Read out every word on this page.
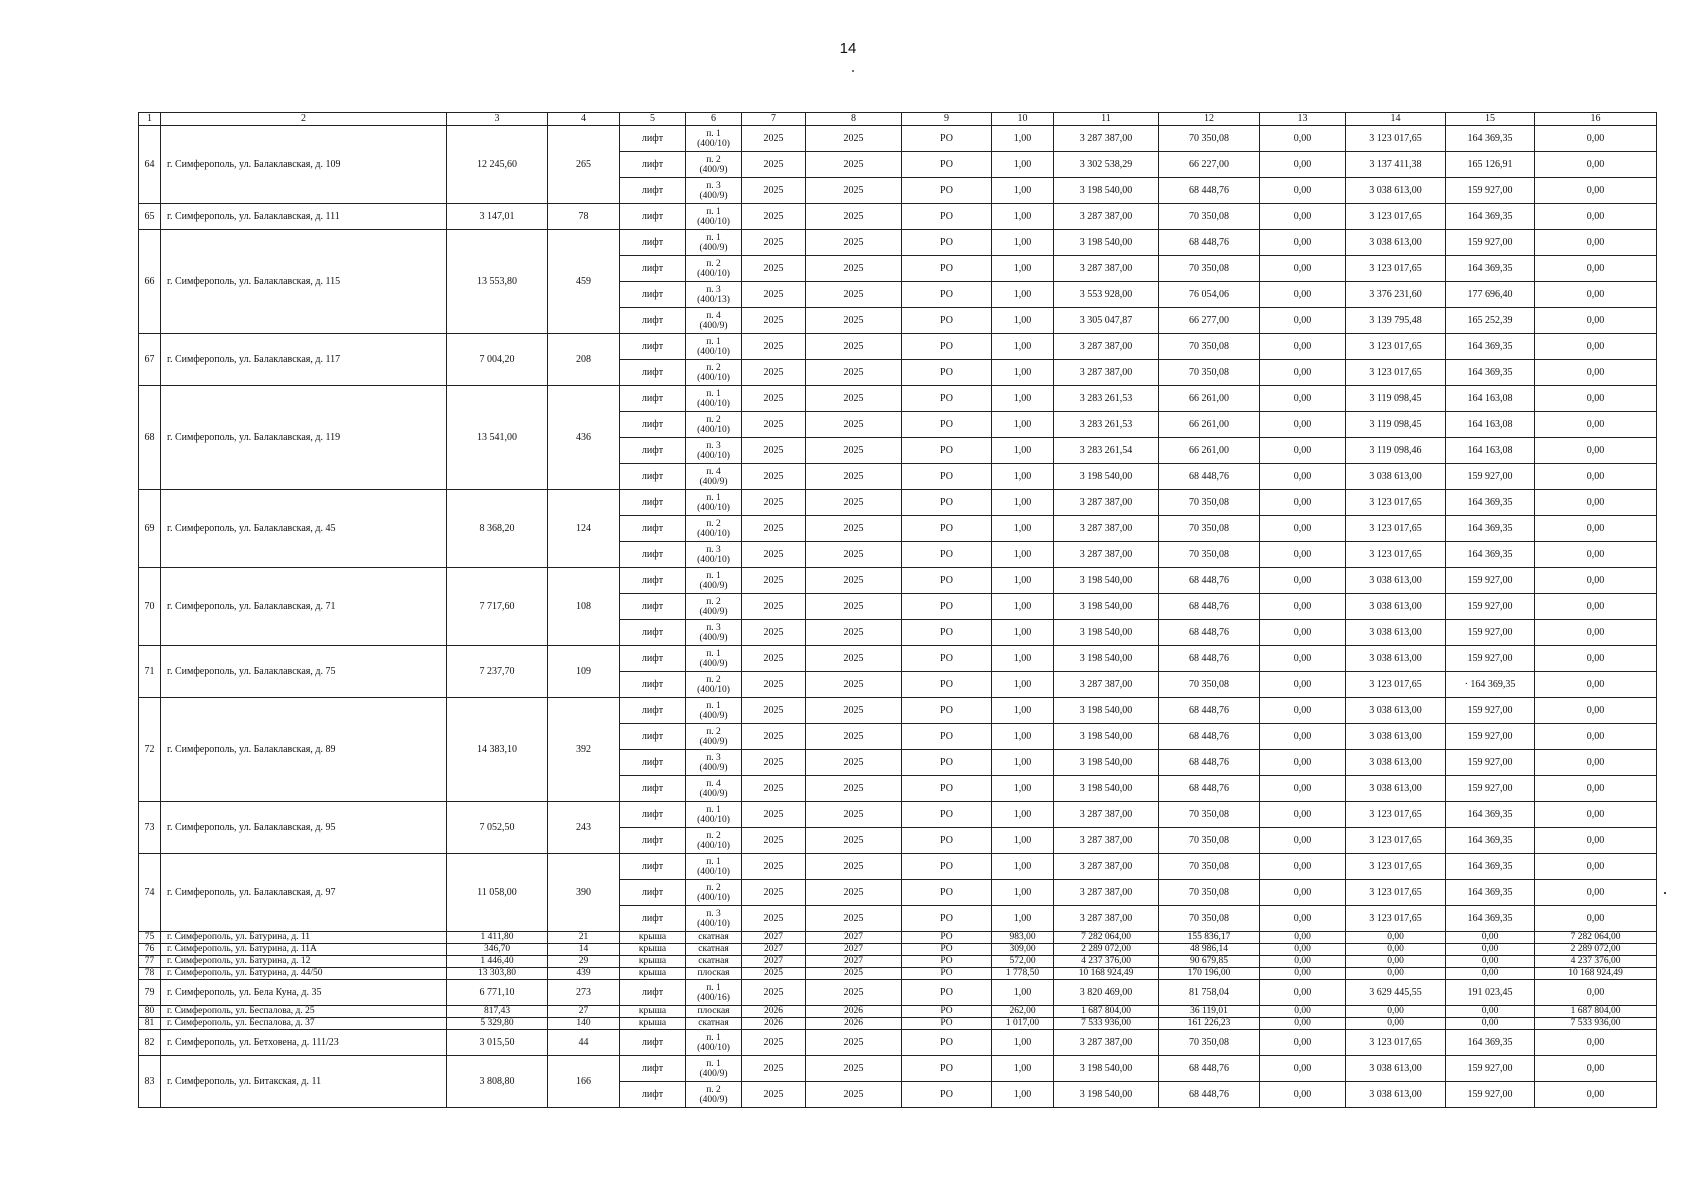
14
1	2	3	4	5	6	7	8	9	10	11	12	13	14	15	16
64	г. Симферополь, ул. Балаклавская, д. 109	12 245,60	265	лифт	п. 1 (400/10)	2025	2025	РО	1,00	3 287 387,00	70 350,08	0,00	3 123 017,65	164 369,35	0,00
				лифт	п. 2 (400/9)	2025	2025	РО	1,00	3 302 538,29	66 227,00	0,00	3 137 411,38	165 126,91	0,00
				лифт	п. 3 (400/9)	2025	2025	РО	1,00	3 198 540,00	68 448,76	0,00	3 038 613,00	159 927,00	0,00
65	г. Симферополь, ул. Балаклавская, д. 111	3 147,01	78	лифт	п. 1 (400/10)	2025	2025	РО	1,00	3 287 387,00	70 350,08	0,00	3 123 017,65	164 369,35	0,00
66	г. Симферополь, ул. Балаклавская, д. 115	13 553,80	459	лифт	п. 1 (400/9)	2025	2025	РО	1,00	3 198 540,00	68 448,76	0,00	3 038 613,00	159 927,00	0,00
				лифт	п. 2 (400/10)	2025	2025	РО	1,00	3 287 387,00	70 350,08	0,00	3 123 017,65	164 369,35	0,00
				лифт	п. 3 (400/13)	2025	2025	РО	1,00	3 553 928,00	76 054,06	0,00	3 376 231,60	177 696,40	0,00
				лифт	п. 4 (400/9)	2025	2025	РО	1,00	3 305 047,87	66 277,00	0,00	3 139 795,48	165 252,39	0,00
67	г. Симферополь, ул. Балаклавская, д. 117	7 004,20	208	лифт	п. 1 (400/10)	2025	2025	РО	1,00	3 287 387,00	70 350,08	0,00	3 123 017,65	164 369,35	0,00
				лифт	п. 2 (400/10)	2025	2025	РО	1,00	3 287 387,00	70 350,08	0,00	3 123 017,65	164 369,35	0,00
68	г. Симферополь, ул. Балаклавская, д. 119	13 541,00	436	лифт	п. 1 (400/10)	2025	2025	РО	1,00	3 283 261,53	66 261,00	0,00	3 119 098,45	164 163,08	0,00
				лифт	п. 2 (400/10)	2025	2025	РО	1,00	3 283 261,53	66 261,00	0,00	3 119 098,45	164 163,08	0,00
				лифт	п. 3 (400/10)	2025	2025	РО	1,00	3 283 261,54	66 261,00	0,00	3 119 098,46	164 163,08	0,00
				лифт	п. 4 (400/9)	2025	2025	РО	1,00	3 198 540,00	68 448,76	0,00	3 038 613,00	159 927,00	0,00
69	г. Симферополь, ул. Балаклавская, д. 45	8 368,20	124	лифт	п. 1 (400/10)	2025	2025	РО	1,00	3 287 387,00	70 350,08	0,00	3 123 017,65	164 369,35	0,00
				лифт	п. 2 (400/10)	2025	2025	РО	1,00	3 287 387,00	70 350,08	0,00	3 123 017,65	164 369,35	0,00
				лифт	п. 3 (400/10)	2025	2025	РО	1,00	3 287 387,00	70 350,08	0,00	3 123 017,65	164 369,35	0,00
70	г. Симферополь, ул. Балаклавская, д. 71	7 717,60	108	лифт	п. 1 (400/9)	2025	2025	РО	1,00	3 198 540,00	68 448,76	0,00	3 038 613,00	159 927,00	0,00
				лифт	п. 2 (400/9)	2025	2025	РО	1,00	3 198 540,00	68 448,76	0,00	3 038 613,00	159 927,00	0,00
				лифт	п. 3 (400/9)	2025	2025	РО	1,00	3 198 540,00	68 448,76	0,00	3 038 613,00	159 927,00	0,00
71	г. Симферополь, ул. Балаклавская, д. 75	7 237,70	109	лифт	п. 1 (400/9)	2025	2025	РО	1,00	3 198 540,00	68 448,76	0,00	3 038 613,00	159 927,00	0,00
				лифт	п. 2 (400/10)	2025	2025	РО	1,00	3 287 387,00	70 350,08	0,00	3 123 017,65	· 164 369,35	0,00
72	г. Симферополь, ул. Балаклавская, д. 89	14 383,10	392	лифт	п. 1 (400/9)	2025	2025	РО	1,00	3 198 540,00	68 448,76	0,00	3 038 613,00	159 927,00	0,00
				лифт	п. 2 (400/9)	2025	2025	РО	1,00	3 198 540,00	68 448,76	0,00	3 038 613,00	159 927,00	0,00
				лифт	п. 3 (400/9)	2025	2025	РО	1,00	3 198 540,00	68 448,76	0,00	3 038 613,00	159 927,00	0,00
				лифт	п. 4 (400/9)	2025	2025	РО	1,00	3 198 540,00	68 448,76	0,00	3 038 613,00	159 927,00	0,00
73	г. Симферополь, ул. Балаклавская, д. 95	7 052,50	243	лифт	п. 1 (400/10)	2025	2025	РО	1,00	3 287 387,00	70 350,08	0,00	3 123 017,65	164 369,35	0,00
				лифт	п. 2 (400/10)	2025	2025	РО	1,00	3 287 387,00	70 350,08	0,00	3 123 017,65	164 369,35	0,00
74	г. Симферополь, ул. Балаклавская, д. 97	11 058,00	390	лифт	п. 1 (400/10)	2025	2025	РО	1,00	3 287 387,00	70 350,08	0,00	3 123 017,65	164 369,35	0,00
				лифт	п. 2 (400/10)	2025	2025	РО	1,00	3 287 387,00	70 350,08	0,00	3 123 017,65	164 369,35	0,00
				лифт	п. 3 (400/10)	2025	2025	РО	1,00	3 287 387,00	70 350,08	0,00	3 123 017,65	164 369,35	0,00
75	г. Симферополь, ул. Батурина, д. 11	1 411,80	21	крыша	скатная	2027	2027	РО	983,00	7 282 064,00	155 836,17	0,00	0,00	0,00	7 282 064,00
76	г. Симферополь, ул. Батурина, д. 11А	346,70	14	крыша	скатная	2027	2027	РО	309,00	2 289 072,00	48 986,14	0,00	0,00	0,00	2 289 072,00
77	г. Симферополь, ул. Батурина, д. 12	1 446,40	29	крыша	скатная	2027	2027	РО	572,00	4 237 376,00	90 679,85	0,00	0,00	0,00	4 237 376,00
78	г. Симферополь, ул. Батурина, д. 44/50	13 303,80	439	крыша	плоская	2025	2025	РО	1 778,50	10 168 924,49	170 196,00	0,00	0,00	0,00	10 168 924,49
79	г. Симферополь, ул. Бела Куна, д. 35	6 771,10	273	лифт	п. 1 (400/16)	2025	2025	РО	1,00	3 820 469,00	81 758,04	0,00	3 629 445,55	191 023,45	0,00
80	г. Симферополь, ул. Беспалова, д. 25	817,43	27	крыша	плоская	2026	2026	РО	262,00	1 687 804,00	36 119,01	0,00	0,00	0,00	1 687 804,00
81	г. Симферополь, ул. Беспалова, д. 37	5 329,80	140	крыша	скатная	2026	2026	РО	1 017,00	7 533 936,00	161 226,23	0,00	0,00	0,00	7 533 936,00
82	г. Симферополь, ул. Бетховена, д. 111/23	3 015,50	44	лифт	п. 1 (400/10)	2025	2025	РО	1,00	3 287 387,00	70 350,08	0,00	3 123 017,65	164 369,35	0,00
83	г. Симферополь, ул. Битакская, д. 11	3 808,80	166	лифт	п. 1 (400/9)	2025	2025	РО	1,00	3 198 540,00	68 448,76	0,00	3 038 613,00	159 927,00	0,00
				лифт	п. 2 (400/9)	2025	2025	РО	1,00	3 198 540,00	68 448,76	0,00	3 038 613,00	159 927,00	0,00
